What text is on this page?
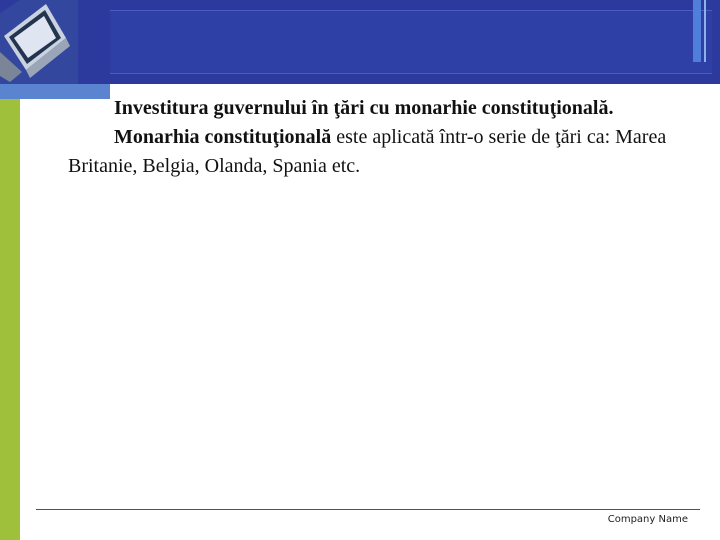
Investitura guvernului în ţări cu monarhie constituţională.

Monarhia constituţională este aplicată într-o serie de ţări ca: Marea Britanie, Belgia, Olanda, Spania etc.

Company Name
